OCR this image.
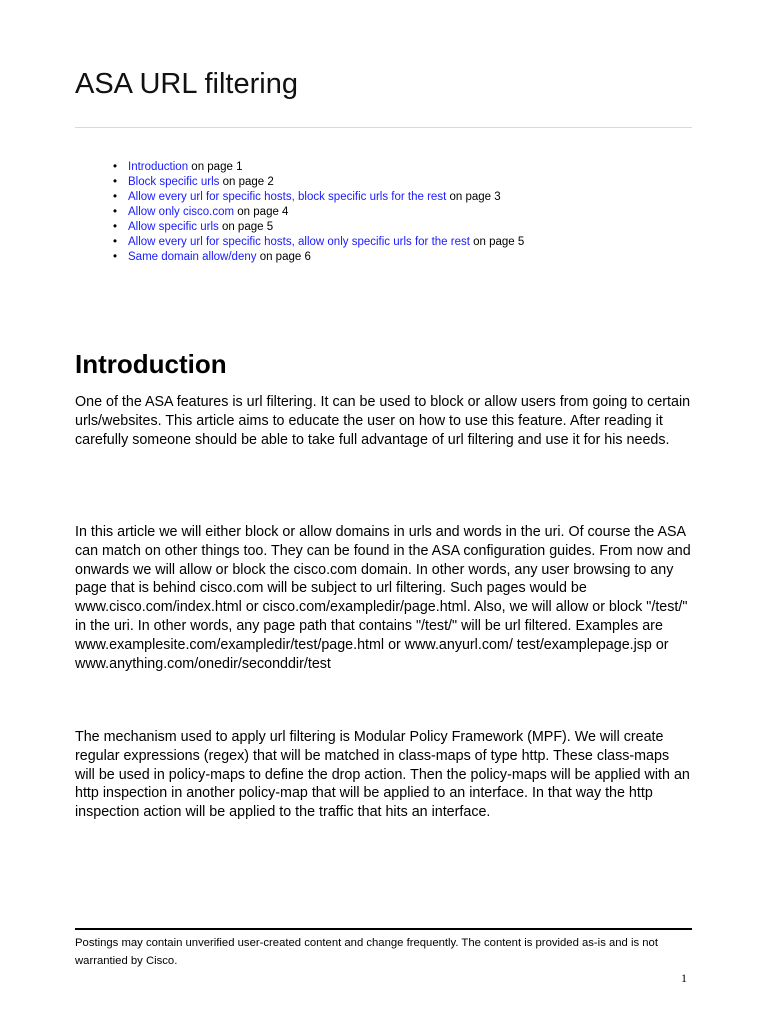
ASA URL filtering
• Introduction on page 1
• Block specific urls on page 2
• Allow every url for specific hosts, block specific urls for the rest on page 3
• Allow only cisco.com on page 4
• Allow specific urls on page 5
• Allow every url for specific hosts, allow only specific urls for the rest on page 5
• Same domain allow/deny on page 6
Introduction

One of the ASA features is url filtering. It can be used to block or allow users from going to certain urls/websites. This article aims to educate the user on how to use this feature. After reading it carefully someone should be able to take full advantage of url filtering and use it for his needs.

In this article we will either block or allow domains in urls and words in the uri. Of course the ASA can match on other things too. They can be found in the ASA configuration guides. From now and onwards we will allow or block the cisco.com domain. In other words, any user browsing to any page that is behind cisco.com will be subject to url filtering. Such pages would be www.cisco.com/index.html or cisco.com/exampledir/page.html. Also, we will allow or block "/test/" in the uri. In other words, any page path that contains "/test/" will be url filtered. Examples are www.examplesite.com/exampledir/test/page.html or www.anyurl.com/ test/examplepage.jsp or www.anything.com/onedir/seconddir/test

The mechanism used to apply url filtering is Modular Policy Framework (MPF). We will create regular expressions (regex) that will be matched in class-maps of type http. These class-maps will be used in policy-maps to define the drop action. Then the policy-maps will be applied with an http inspection in another policy-map that will be applied to an interface. In that way the http inspection action will be applied to the traffic that hits an interface.

Postings may contain unverified user-created content and change frequently. The content is provided as-is and is not warrantied by Cisco.

1
